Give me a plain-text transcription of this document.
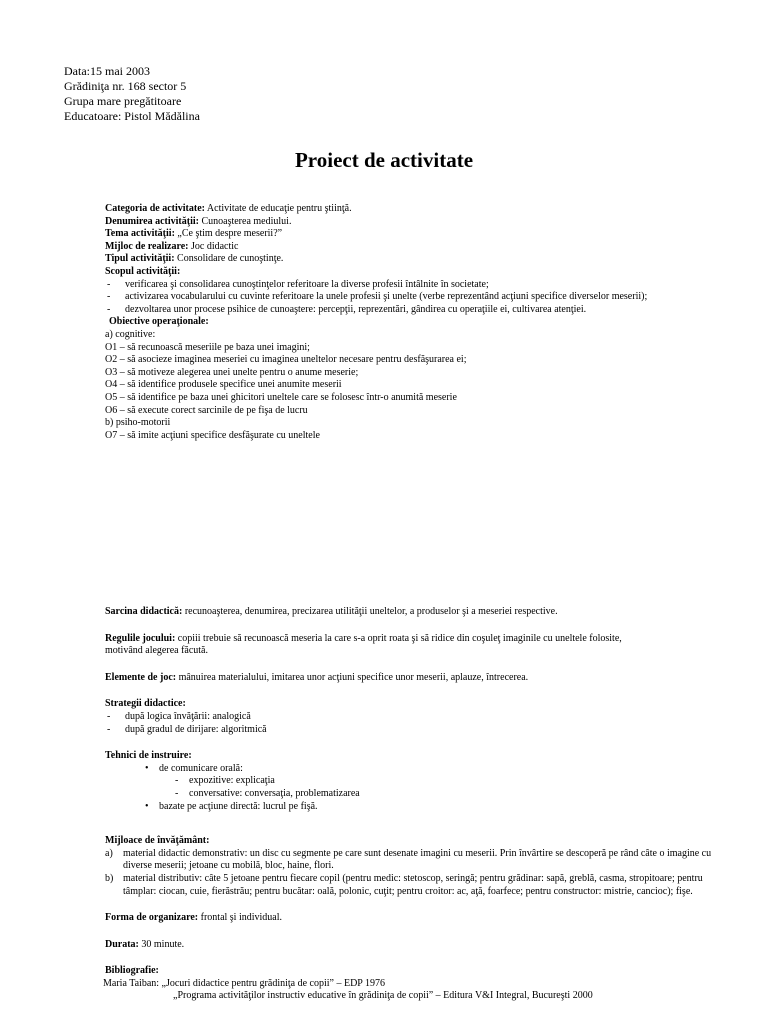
Data:15 mai 2003
Grădiniţa nr. 168 sector 5
Grupa mare pregătitoare
Educatoare: Pistol Mădălina
Proiect de activitate
Categoria de activitate: Activitate de educaţie pentru ştiinţă.
Denumirea activităţii: Cunoaşterea mediului.
Tema activităţii: „Ce ştim despre meserii?”
Mijloc de realizare: Joc didactic
Tipul activităţii: Consolidare de cunoştinţe.
Scopul activităţii:
- verificarea şi consolidarea cunoştinţelor referitoare la diverse profesii întâlnite în societate;
- activizarea vocabularului cu cuvinte referitoare la unele profesii şi unelte (verbe reprezentând acţiuni specifice diverselor meserii);
- dezvoltarea unor procese psihice de cunoaştere: percepţii, reprezentări, gândirea cu operaţiile ei, cultivarea atenţiei.
Obiective operaţionale:
a) cognitive:
O1 – să recunoască meseriile pe baza unei imagini;
O2 – să asocieze imaginea meseriei cu imaginea uneltelor necesare pentru desfăşurarea ei;
O3 – să motiveze alegerea unei unelte pentru o anume meserie;
O4 – să identifice produsele specifice unei anumite meserii
O5 – să identifice pe baza unei ghicitori uneltele care se folosesc într-o anumită meserie
O6 – să execute corect sarcinile de pe fişa de lucru
b) psiho-motorii
O7 – să imite acţiuni specifice desfăşurate cu uneltele
Sarcina didactică: recunoaşterea, denumirea, precizarea utilităţii uneltelor, a produselor şi a meseriei respective.
Regulile jocului: copiii trebuie să recunoască meseria la care s-a oprit roata şi să ridice din coşuleţ imaginile cu uneltele folosite,
motivând alegerea făcută.
Elemente de joc: mânuirea materialului, imitarea unor acţiuni specifice unor meserii, aplauze, întrecerea.
Strategii didactice:
- după logica învăţării: analogică
- după gradul de dirijare: algoritmică
Tehnici de instruire:
• de comunicare orală:
- expozitive: explicaţia
- conversative: conversaţia, problematizarea
• bazate pe acţiune directă: lucrul pe fişă.
Mijloace de învăţământ:
a)	material didactic demonstrativ: un disc cu segmente pe care sunt desenate imagini cu meserii. Prin învârtire se descoperă pe rând câte o imagine cu diverse meserii; jetoane cu mobilă, bloc, haine, flori.
b) material distributiv: câte 5 jetoane pentru fiecare copil (pentru medic: stetoscop, seringă; pentru grădinar: sapă, greblă, casma, stropitoare; pentru tâmplar: ciocan, cuie, fierăstrău; pentru bucătar: oală, polonic, cuţit; pentru croitor: ac, aţă, foarfece; pentru constructor: mistrie, cancioc); fişe.
Forma de organizare: frontal şi individual.
Durata: 30 minute.
Bibliografie:
Maria Taiban: „Jocuri didactice pentru grădiniţa de copii” – EDP 1976
„Programa activităţilor instructiv educative în grădiniţa de copii” – Editura V&I Integral, Bucureşti 2000
